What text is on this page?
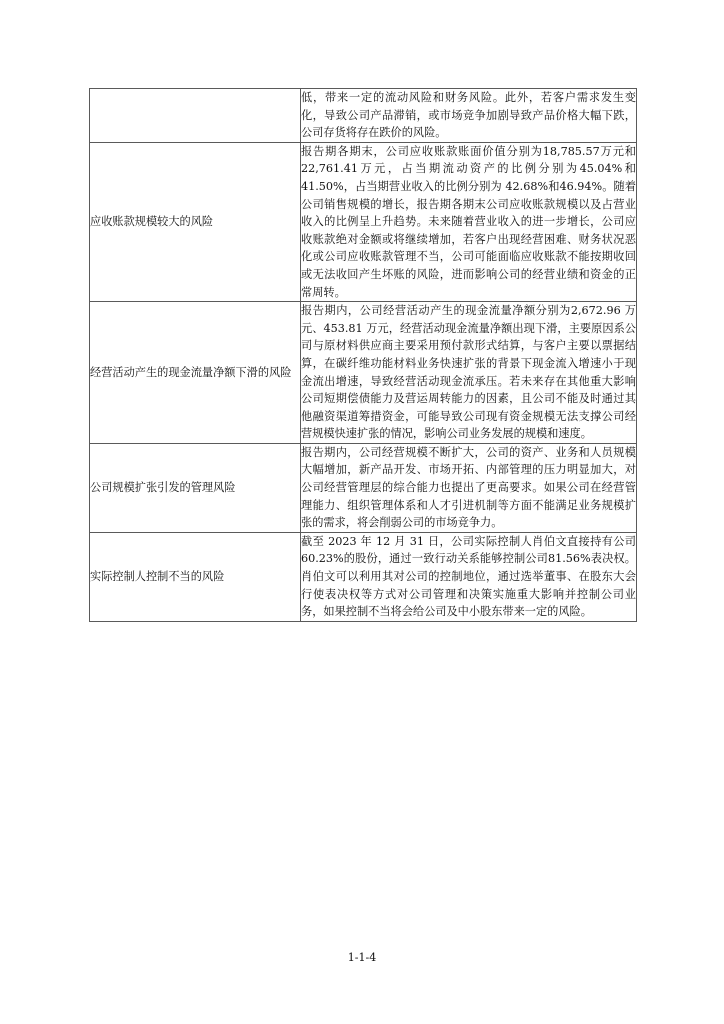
	低，带来一定的流动风险和财务风险。此外，若客户需求发生变化，导致公司产品滞销，或市场竞争加剧导致产品价格大幅下跌，公司存货将存在跌价的风险。
应收账款规模较大的风险	报告期各期末，公司应收账款账面价值分别为18,785.57万元和22,761.41万元，占当期流动资产的比例分别为45.04%和 41.50%，占当期营业收入的比例分别为 42.68%和46.94%。随着公司销售规模的增长，报告期各期末公司应收账款规模以及占营业收入的比例呈上升趋势。未来随着营业收入的进一步增长，公司应收账款绝对金额或将继续增加，若客户出现经营困难、财务状况恶化或公司应收账款管理不当，公司可能面临应收账款不能按期收回或无法收回产生坏账的风险，进而影响公司的经营业绩和资金的正常周转。
经营活动产生的现金流量净额下滑的风险	报告期内，公司经营活动产生的现金流量净额分别为2,672.96 万元、453.81 万元，经营活动现金流量净额出现下滑，主要原因系公司与原材料供应商主要采用预付款形式结算，与客户主要以票据结算，在碳纤维功能材料业务快速扩张的背景下现金流入增速小于现金流出增速，导致经营活动现金流承压。若未来存在其他重大影响公司短期偿债能力及营运周转能力的因素，且公司不能及时通过其他融资渠道筹措资金，可能导致公司现有资金规模无法支撑公司经营规模快速扩张的情况，影响公司业务发展的规模和速度。
公司规模扩张引发的管理风险	报告期内，公司经营规模不断扩大，公司的资产、业务和人员规模大幅增加，新产品开发、市场开拓、内部管理的压力明显加大，对公司经营管理层的综合能力也提出了更高要求。如果公司在经营管理能力、组织管理体系和人才引进机制等方面不能满足业务规模扩张的需求，将会削弱公司的市场竞争力。
实际控制人控制不当的风险	截至 2023 年 12 月 31 日，公司实际控制人肖伯文直接持有公司 60.23%的股份，通过一致行动关系能够控制公司81.56%表决权。肖伯文可以利用其对公司的控制地位，通过选举董事、在股东大会行使表决权等方式对公司管理和决策实施重大影响并控制公司业务，如果控制不当将会给公司及中小股东带来一定的风险。
1-1-4
